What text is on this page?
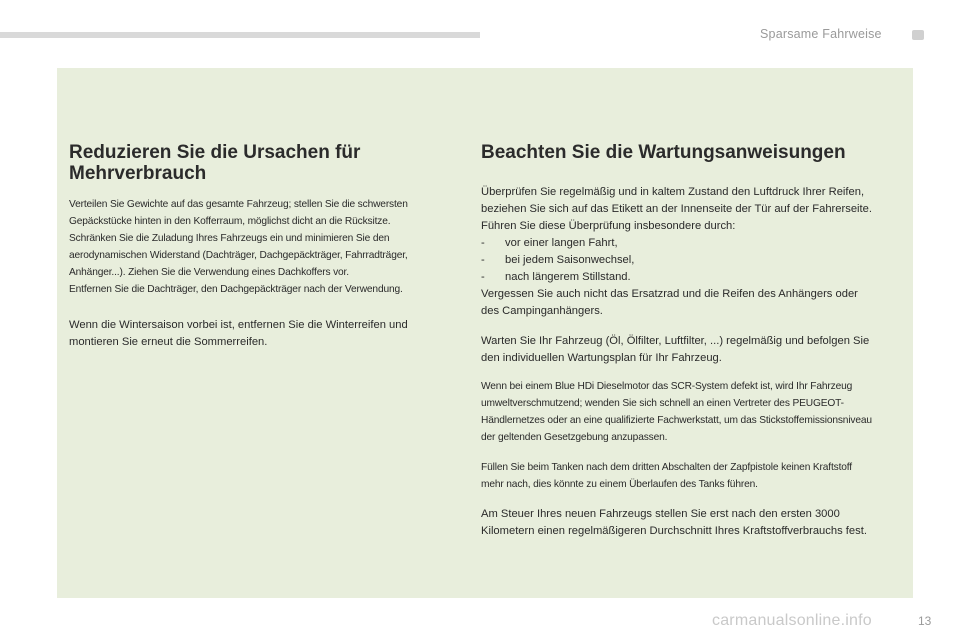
Sparsame Fahrweise
Reduzieren Sie die Ursachen für Mehrverbrauch

Verteilen Sie Gewichte auf das gesamte Fahrzeug; stellen Sie die schwersten Gepäckstücke hinten in den Kofferraum, möglichst dicht an die Rücksitze.

Schränken Sie die Zuladung Ihres Fahrzeugs ein und minimieren Sie den aerodynamischen Widerstand (Dachträger, Dachgepäckträger, Fahrradträger, Anhänger...). Ziehen Sie die Verwendung eines Dachkoffers vor.

Entfernen Sie die Dachträger, den Dachgepäckträger nach der Verwendung.

Wenn die Wintersaison vorbei ist, entfernen Sie die Winterreifen und montieren Sie erneut die Sommerreifen.

Beachten Sie die Wartungsanweisungen

Überprüfen Sie regelmäßig und in kaltem Zustand den Luftdruck Ihrer Reifen, beziehen Sie sich auf das Etikett an der Innenseite der Tür auf der Fahrerseite.

Führen Sie diese Überprüfung insbesondere durch:

- vor einer langen Fahrt,
- bei jedem Saisonwechsel,
- nach längerem Stillstand.

Vergessen Sie auch nicht das Ersatzrad und die Reifen des Anhängers oder des Campinganhängers.

Warten Sie Ihr Fahrzeug (Öl, Ölfilter, Luftfilter, ...) regelmäßig und befolgen Sie den individuellen Wartungsplan für Ihr Fahrzeug.

Wenn bei einem Blue HDi Dieselmotor das SCR-System defekt ist, wird Ihr Fahrzeug umweltverschmutzend; wenden Sie sich schnell an einen Vertreter des PEUGEOT-Händlernetzes oder an eine qualifizierte Fachwerkstatt, um das Stickstoffemissionsniveau der geltenden Gesetzgebung anzupassen.

Füllen Sie beim Tanken nach dem dritten Abschalten der Zapfpistole keinen Kraftstoff mehr nach, dies könnte zu einem Überlaufen des Tanks führen.

Am Steuer Ihres neuen Fahrzeugs stellen Sie erst nach den ersten 3000 Kilometern einen regelmäßigeren Durchschnitt Ihres Kraftstoffverbrauchs fest.

carmanualsonline.info	13
